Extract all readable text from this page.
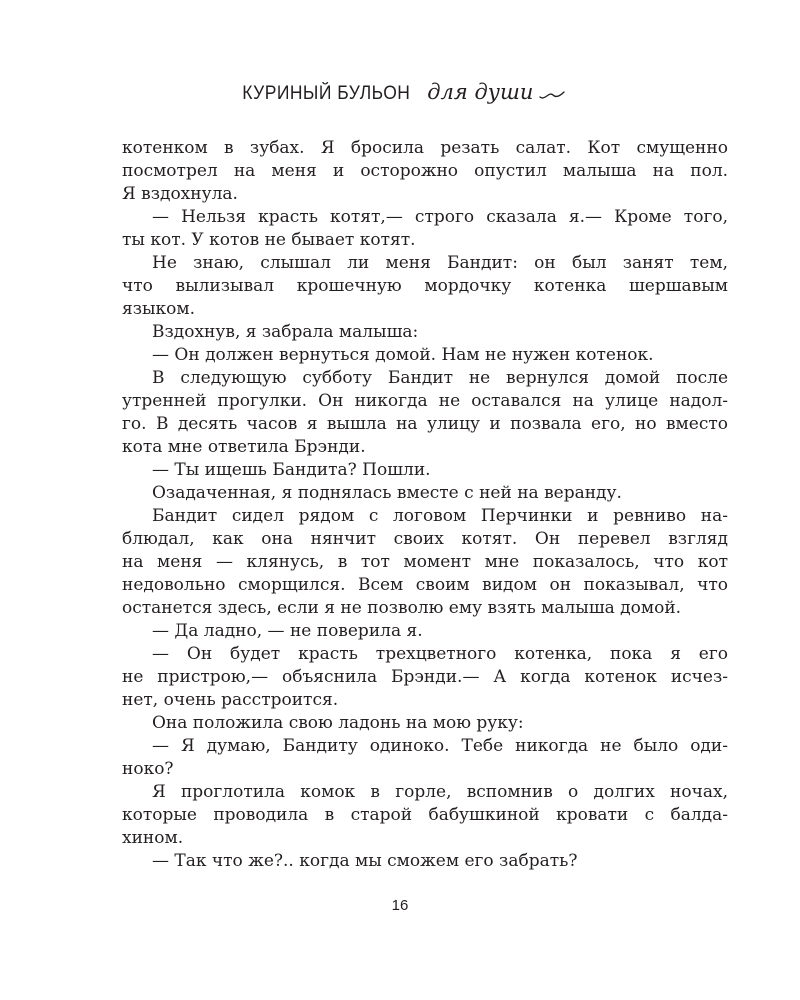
КУРИНЫЙ БУЛЬОН для души
котенком в зубах. Я бросила резать салат. Кот смущенно
посмотрел на меня и осторожно опустил малыша на пол.
Я вздохнула.
— Нельзя красть котят,— строго сказала я.— Кроме того,
ты кот. У котов не бывает котят.
Не знаю, слышал ли меня Бандит: он был занят тем,
что вылизывал крошечную мордочку котенка шершавым
языком.
Вздохнув, я забрала малыша:
— Он должен вернуться домой. Нам не нужен котенок.
В следующую субботу Бандит не вернулся домой после
утренней прогулки. Он никогда не оставался на улице надол-
го. В десять часов я вышла на улицу и позвала его, но вместо
кота мне ответила Брэнди.
— Ты ищешь Бандита? Пошли.
Озадаченная, я поднялась вместе с ней на веранду.
Бандит сидел рядом с логовом Перчинки и ревниво на-
блюдал, как она нянчит своих котят. Он перевел взгляд
на меня — клянусь, в тот момент мне показалось, что кот
недовольно сморщился. Всем своим видом он показывал, что
останется здесь, если я не позволю ему взять малыша домой.
— Да ладно, — не поверила я.
— Он будет красть трехцветного котенка, пока я его
не пристрою,— объяснила Брэнди.— А когда котенок исчез-
нет, очень расстроится.
Она положила свою ладонь на мою руку:
— Я думаю, Бандиту одиноко. Тебе никогда не было оди-
ноко?
Я проглотила комок в горле, вспомнив о долгих ночах,
которые проводила в старой бабушкиной кровати с балда-
хином.
— Так что же?.. когда мы сможем его забрать?
16
